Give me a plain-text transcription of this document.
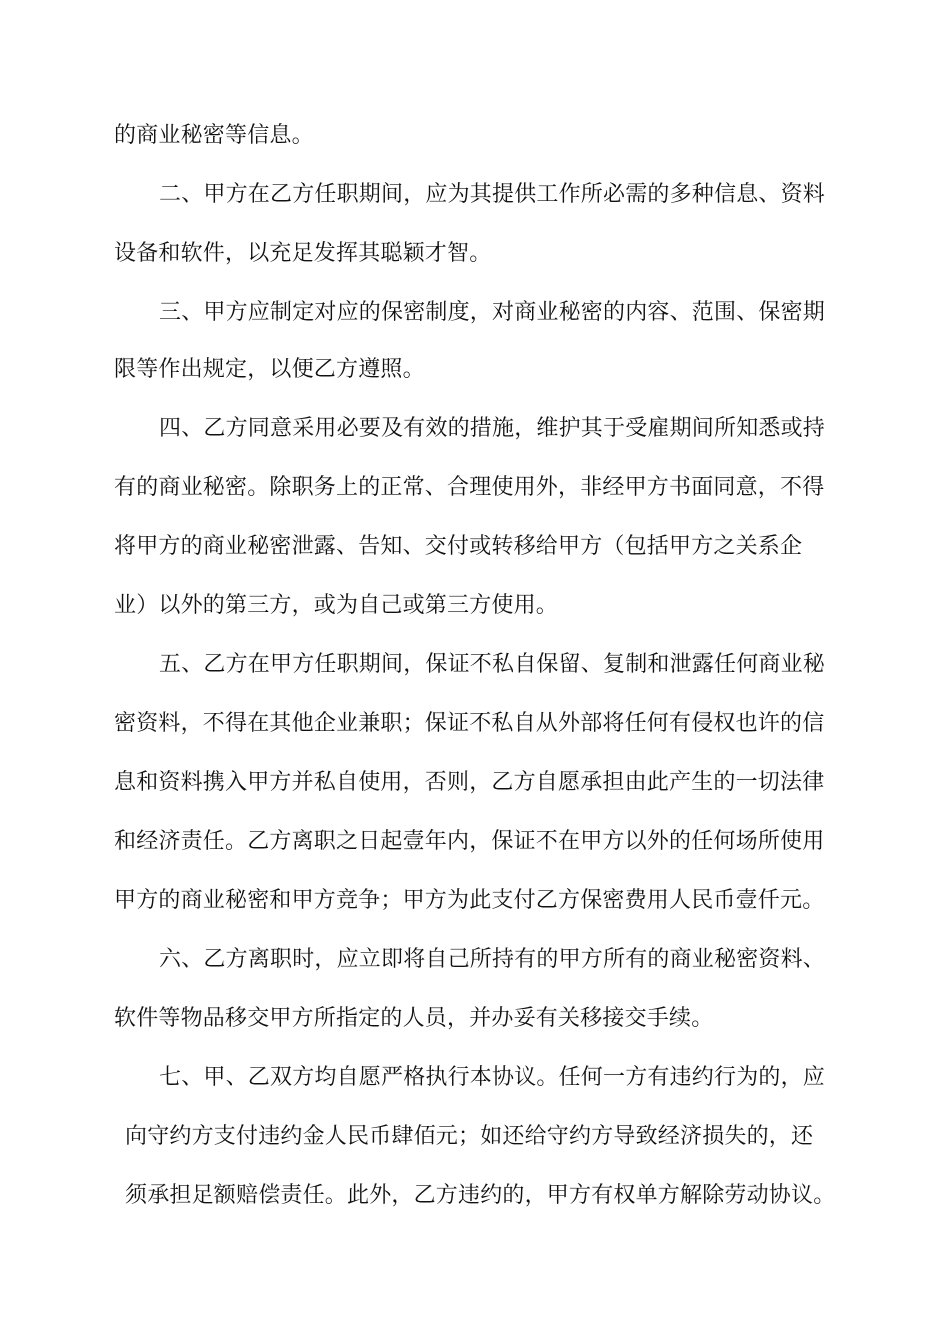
的商业秘密等信息。
二、甲方在乙方任职期间，应为其提供工作所必需的多种信息、资料
设备和软件，以充足发挥其聪颖才智。
三、甲方应制定对应的保密制度，对商业秘密的内容、范围、保密期
限等作出规定，以便乙方遵照。
四、乙方同意采用必要及有效的措施，维护其于受雇期间所知悉或持
有的商业秘密。除职务上的正常、合理使用外，非经甲方书面同意，不得
将甲方的商业秘密泄露、告知、交付或转移给甲方（包括甲方之关系企
业）以外的第三方，或为自己或第三方使用。
五、乙方在甲方任职期间，保证不私自保留、复制和泄露任何商业秘
密资料，不得在其他企业兼职；保证不私自从外部将任何有侵权也许的信
息和资料携入甲方并私自使用，否则，乙方自愿承担由此产生的一切法律
和经济责任。乙方离职之日起壹年内，保证不在甲方以外的任何场所使用
甲方的商业秘密和甲方竞争；甲方为此支付乙方保密费用人民币壹仟元。
六、乙方离职时，应立即将自己所持有的甲方所有的商业秘密资料、
软件等物品移交甲方所指定的人员，并办妥有关移接交手续。
七、甲、乙双方均自愿严格执行本协议。任何一方有违约行为的，应
向守约方支付违约金人民币肆佰元；如还给守约方导致经济损失的，还
须承担足额赔偿责任。此外，乙方违约的，甲方有权单方解除劳动协议。
